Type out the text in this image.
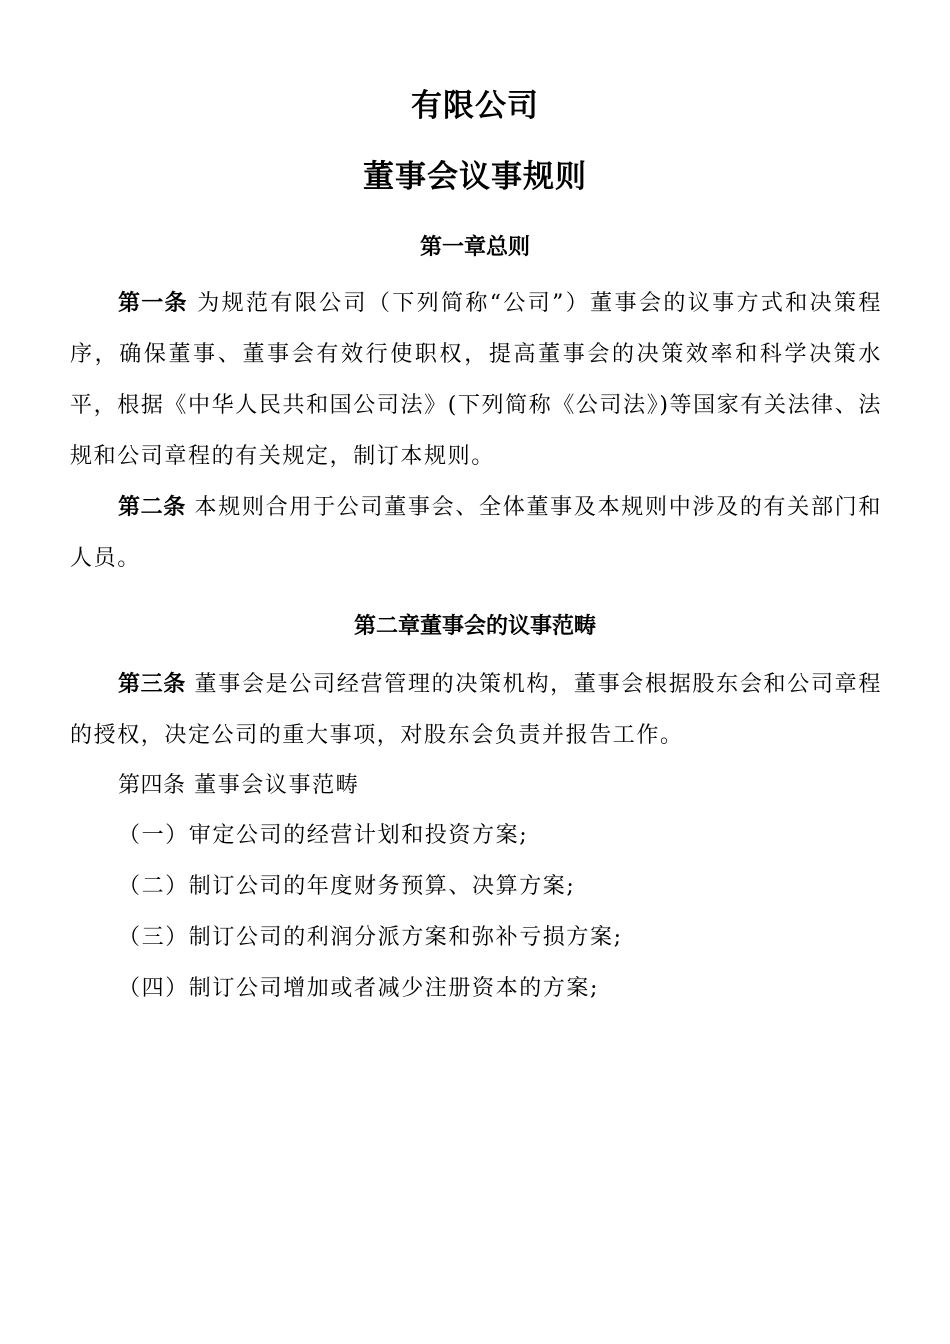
有限公司
董事会议事规则
第一章总则

第一条 为规范有限公司（下列简称“公司”）董事会的议事方式和决策程序，确保董事、董事会有效行使职权，提高董事会的决策效率和科学决策水平，根据《中华人民共和国公司法》(下列简称《公司法》)等国家有关法律、法规和公司章程的有关规定，制订本规则。

第二条 本规则合用于公司董事会、全体董事及本规则中涉及的有关部门和人员。

第二章董事会的议事范畴

第三条 董事会是公司经营管理的决策机构，董事会根据股东会和公司章程的授权，决定公司的重大事项，对股东会负责并报告工作。

第四条 董事会议事范畴

（一）审定公司的经营计划和投资方案;
（二）制订公司的年度财务预算、决算方案;
（三）制订公司的利润分派方案和弥补亏损方案;
（四）制订公司增加或者减少注册资本的方案;
